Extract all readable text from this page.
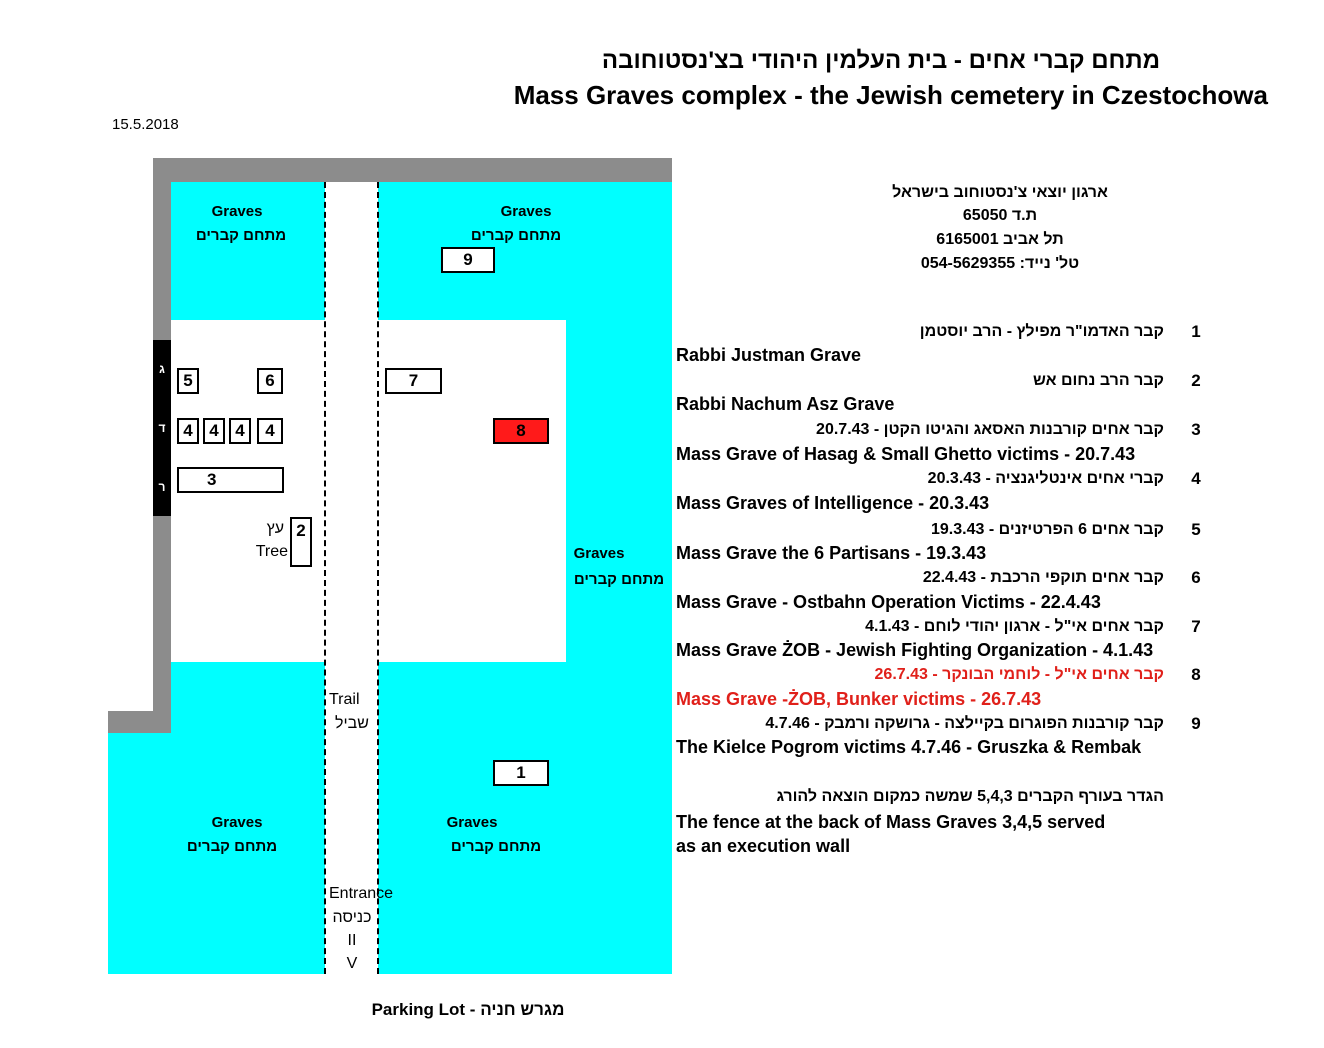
מתחם קברי אחים - בית העלמין היהודי בצ'נסטוחובה
Mass Graves complex - the Jewish cemetery in Czestochowa
15.5.2018
Graves
מתחם קברים
Graves
מתחם קברים
Graves
מתחם קברים
Graves
מתחם קברים
Graves
מתחם קברים
ג
ד
ר
9
5	6	7
4 4 4	4	8
3
2
1
עץ
Tree
Trail
שביל
Entrance
כניסה
II
V
Parking Lot - מגרש חניה
ארגון יוצאי צ'נסטוחוב בישראל
ת.ד 65050
תל אביב 6165001
טל' נייד: 054-5629355
1
קבר האדמו"ר מפילץ - הרב יוסטמן
Rabbi Justman Grave
2
קבר הרב נחום אש
Rabbi Nachum Asz Grave
3
קבר אחים קורבנות האסאג והגיטו הקטן - 20.7.43
Mass Grave of Hasag & Small Ghetto victims - 20.7.43
4
קברי אחים אינטליגנציה - 20.3.43
Mass Graves of Intelligence - 20.3.43
5
קבר אחים 6 הפרטיזנים - 19.3.43
Mass Grave the 6 Partisans - 19.3.43
6
קבר אחים תוקפי הרכבת - 22.4.43
Mass Grave - Ostbahn Operation Victims - 22.4.43
7
קבר אחים אי"ל - ארגון יהודי לוחם - 4.1.43
Mass Grave ŻOB - Jewish Fighting Organization - 4.1.43
8
קבר אחים אי"ל - לוחמי הבונקר - 26.7.43
Mass Grave -ŻOB, Bunker victims - 26.7.43
9
קבר קורבנות הפוגרום בקיילצה - גרושקה ורמבק - 4.7.46
The Kielce Pogrom victims 4.7.46 - Gruszka & Rembak
הגדר בעורף הקברים 5,4,3 שמשה כמקום הוצאה להורג
The fence at the back of Mass Graves 3,4,5 served
as an execution wall
